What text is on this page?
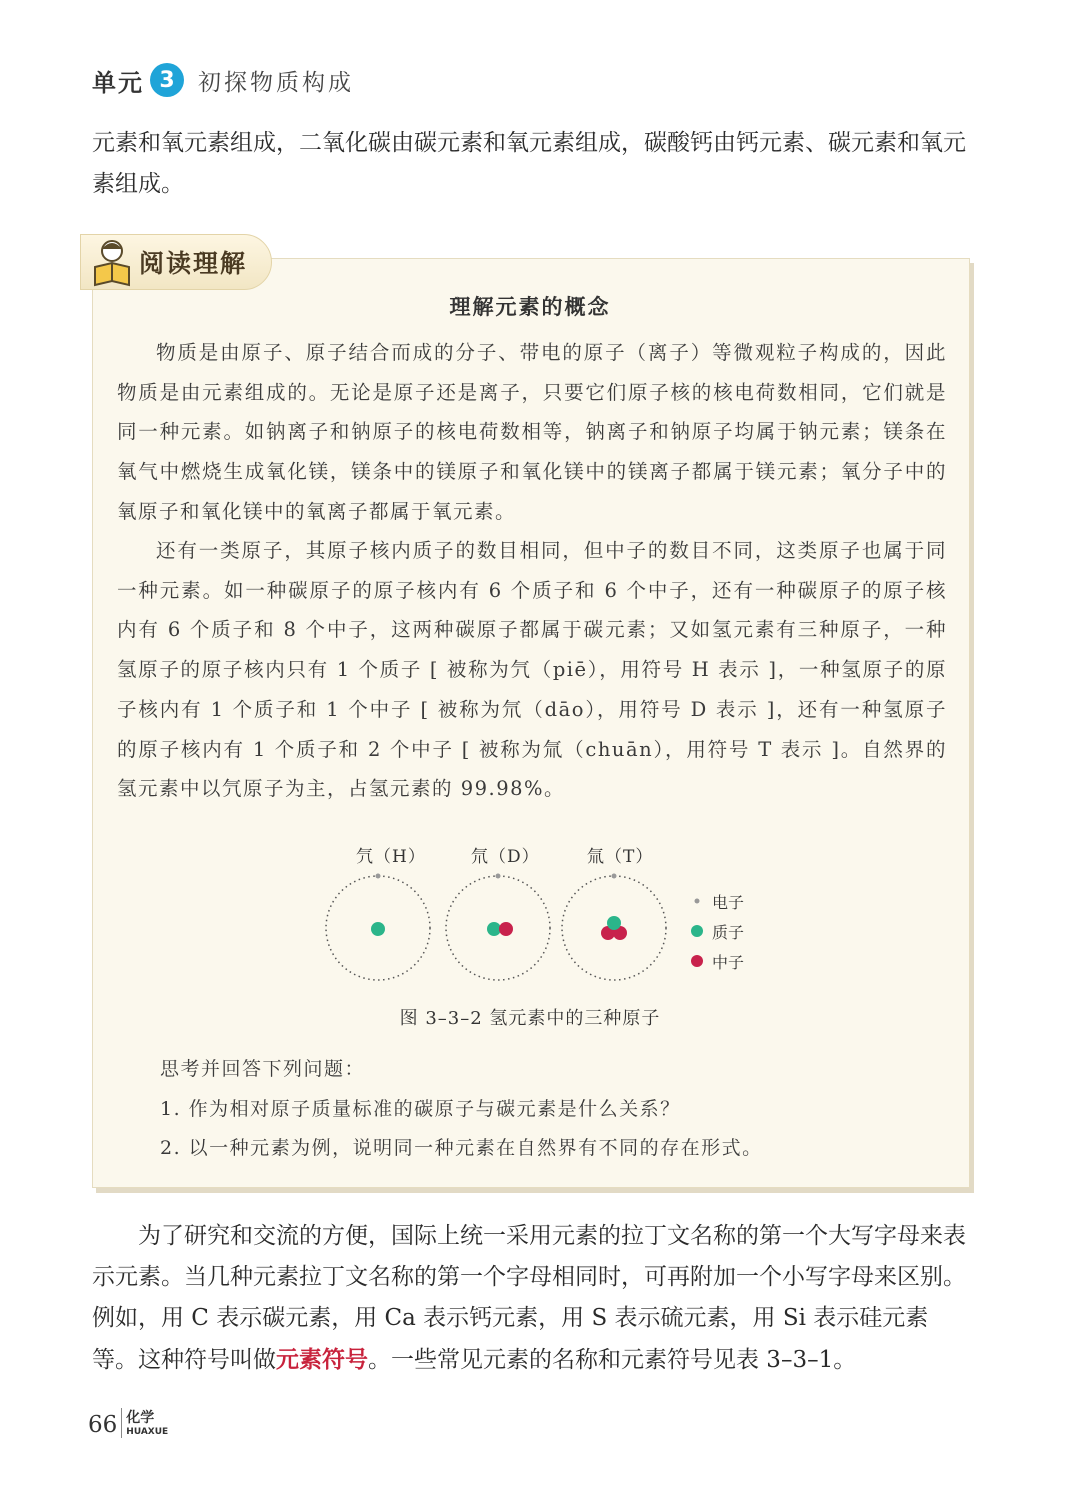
单元 3	初探物质构成
元素和氧元素组成，二氧化碳由碳元素和氧元素组成，碳酸钙由钙元素、碳元素和氧元素组成。
阅读理解
理解元素的概念
物质是由原子、原子结合而成的分子、带电的原子（离子）等微观粒子构成的，因此物质是由元素组成的。无论是原子还是离子，只要它们原子核的核电荷数相同，它们就是同一种元素。如钠离子和钠原子的核电荷数相等，钠离子和钠原子均属于钠元素；镁条在氧气中燃烧生成氧化镁，镁条中的镁原子和氧化镁中的镁离子都属于镁元素；氧分子中的氧原子和氧化镁中的氧离子都属于氧元素。
还有一类原子，其原子核内质子的数目相同，但中子的数目不同，这类原子也属于同一种元素。如一种碳原子的原子核内有 6 个质子和 6 个中子，还有一种碳原子的原子核内有 6 个质子和 8 个中子，这两种碳原子都属于碳元素；又如氢元素有三种原子，一种氢原子的原子核内只有 1 个质子 [ 被称为氕（piē），用符号 H 表示 ]，一种氢原子的原子核内有 1 个质子和 1 个中子 [ 被称为氘（dāo），用符号 D 表示 ]，还有一种氢原子的原子核内有 1 个质子和 2 个中子 [ 被称为氚（chuān），用符号 T 表示 ]。自然界的氢元素中以氕原子为主，占氢元素的 99.98%。
氕（H）	氘（D）	氚（T）
电子
质子
中子
图 3–3–2 氢元素中的三种原子
思考并回答下列问题：
1. 作为相对原子质量标准的碳原子与碳元素是什么关系？
2. 以一种元素为例，说明同一种元素在自然界有不同的存在形式。
为了研究和交流的方便，国际上统一采用元素的拉丁文名称的第一个大写字母来表示元素。当几种元素拉丁文名称的第一个字母相同时，可再附加一个小写字母来区别。例如，用 C 表示碳元素，用 Ca 表示钙元素，用 S 表示硫元素，用 Si 表示硅元素等。这种符号叫做元素符号。一些常见元素的名称和元素符号见表 3–3–1。
66 化学
HUAXUE
